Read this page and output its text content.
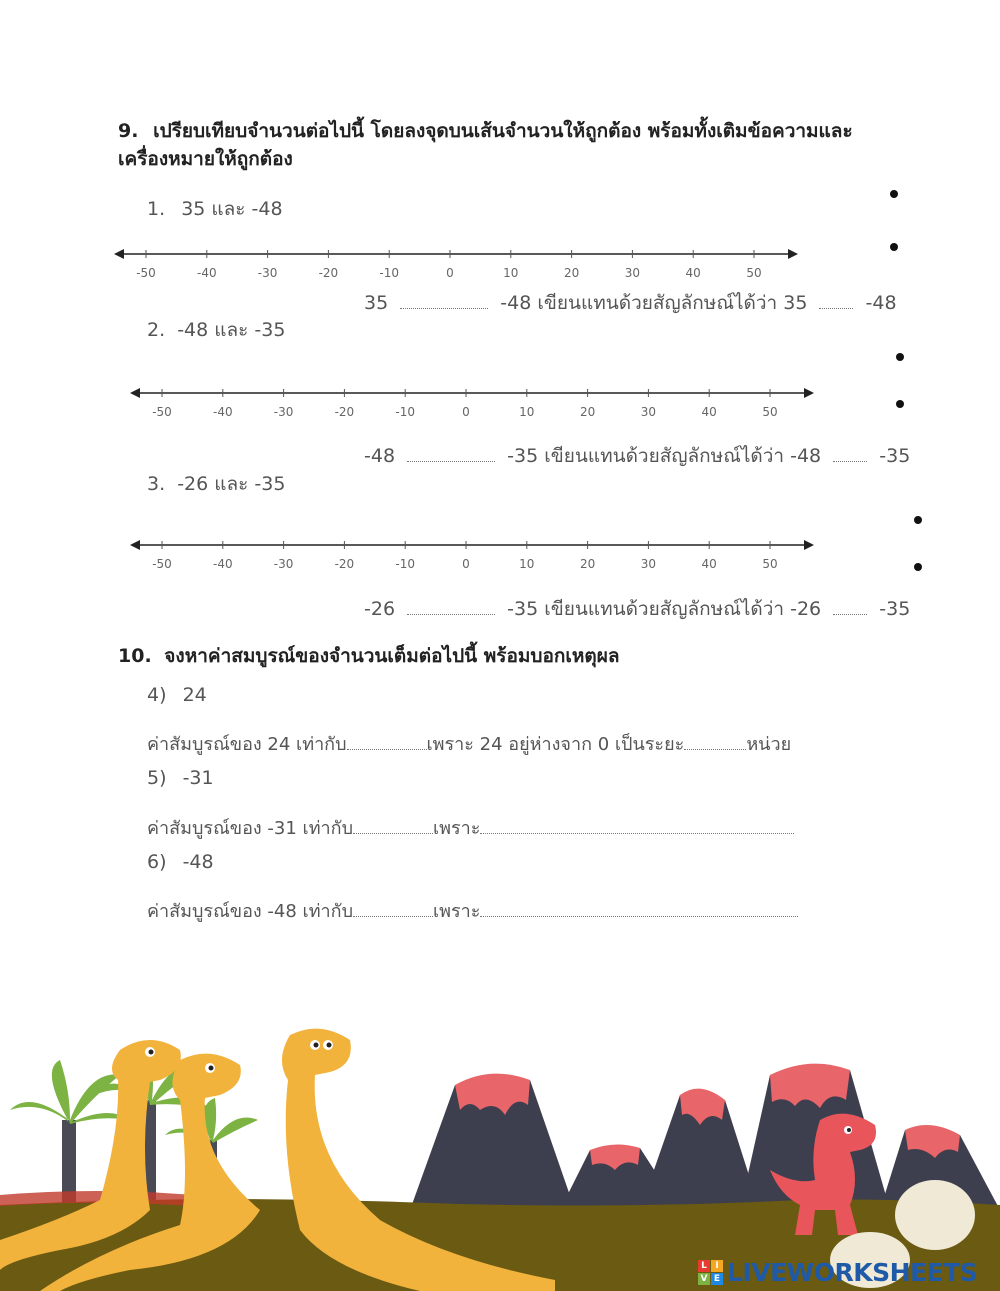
9. เปรียบเทียบจำนวนต่อไปนี้ โดยลงจุดบนเส้นจำนวนให้ถูกต้อง พร้อมทั้งเติมข้อความและเครื่องหมายให้ถูกต้อง
1. 35 และ -48
-50	-40	-30	-20	-10	0	10	20	30	40	50
35	-48 เขียนแทนด้วยสัญลักษณ์ได้ว่า 35	-48
2. -48 และ -35
-50	-40	-30	-20	-10	0	10	20	30	40	50
-48	-35 เขียนแทนด้วยสัญลักษณ์ได้ว่า -48	-35
3. -26 และ -35
-50	-40	-30	-20	-10	0	10	20	30	40	50
-26	-35 เขียนแทนด้วยสัญลักษณ์ได้ว่า -26	-35
10. จงหาค่าสมบูรณ์ของจำนวนเต็มต่อไปนี้ พร้อมบอกเหตุผล
4) 24
ค่าสัมบูรณ์ของ 24 เท่ากับ	เพราะ 24 อยู่ห่างจาก 0 เป็นระยะ	หน่วย
5) -31
ค่าสัมบูรณ์ของ -31 เท่ากับ	เพราะ
6) -48
ค่าสัมบูรณ์ของ -48 เท่ากับ	เพราะ
L I
V E LIVEWORKSHEETS
